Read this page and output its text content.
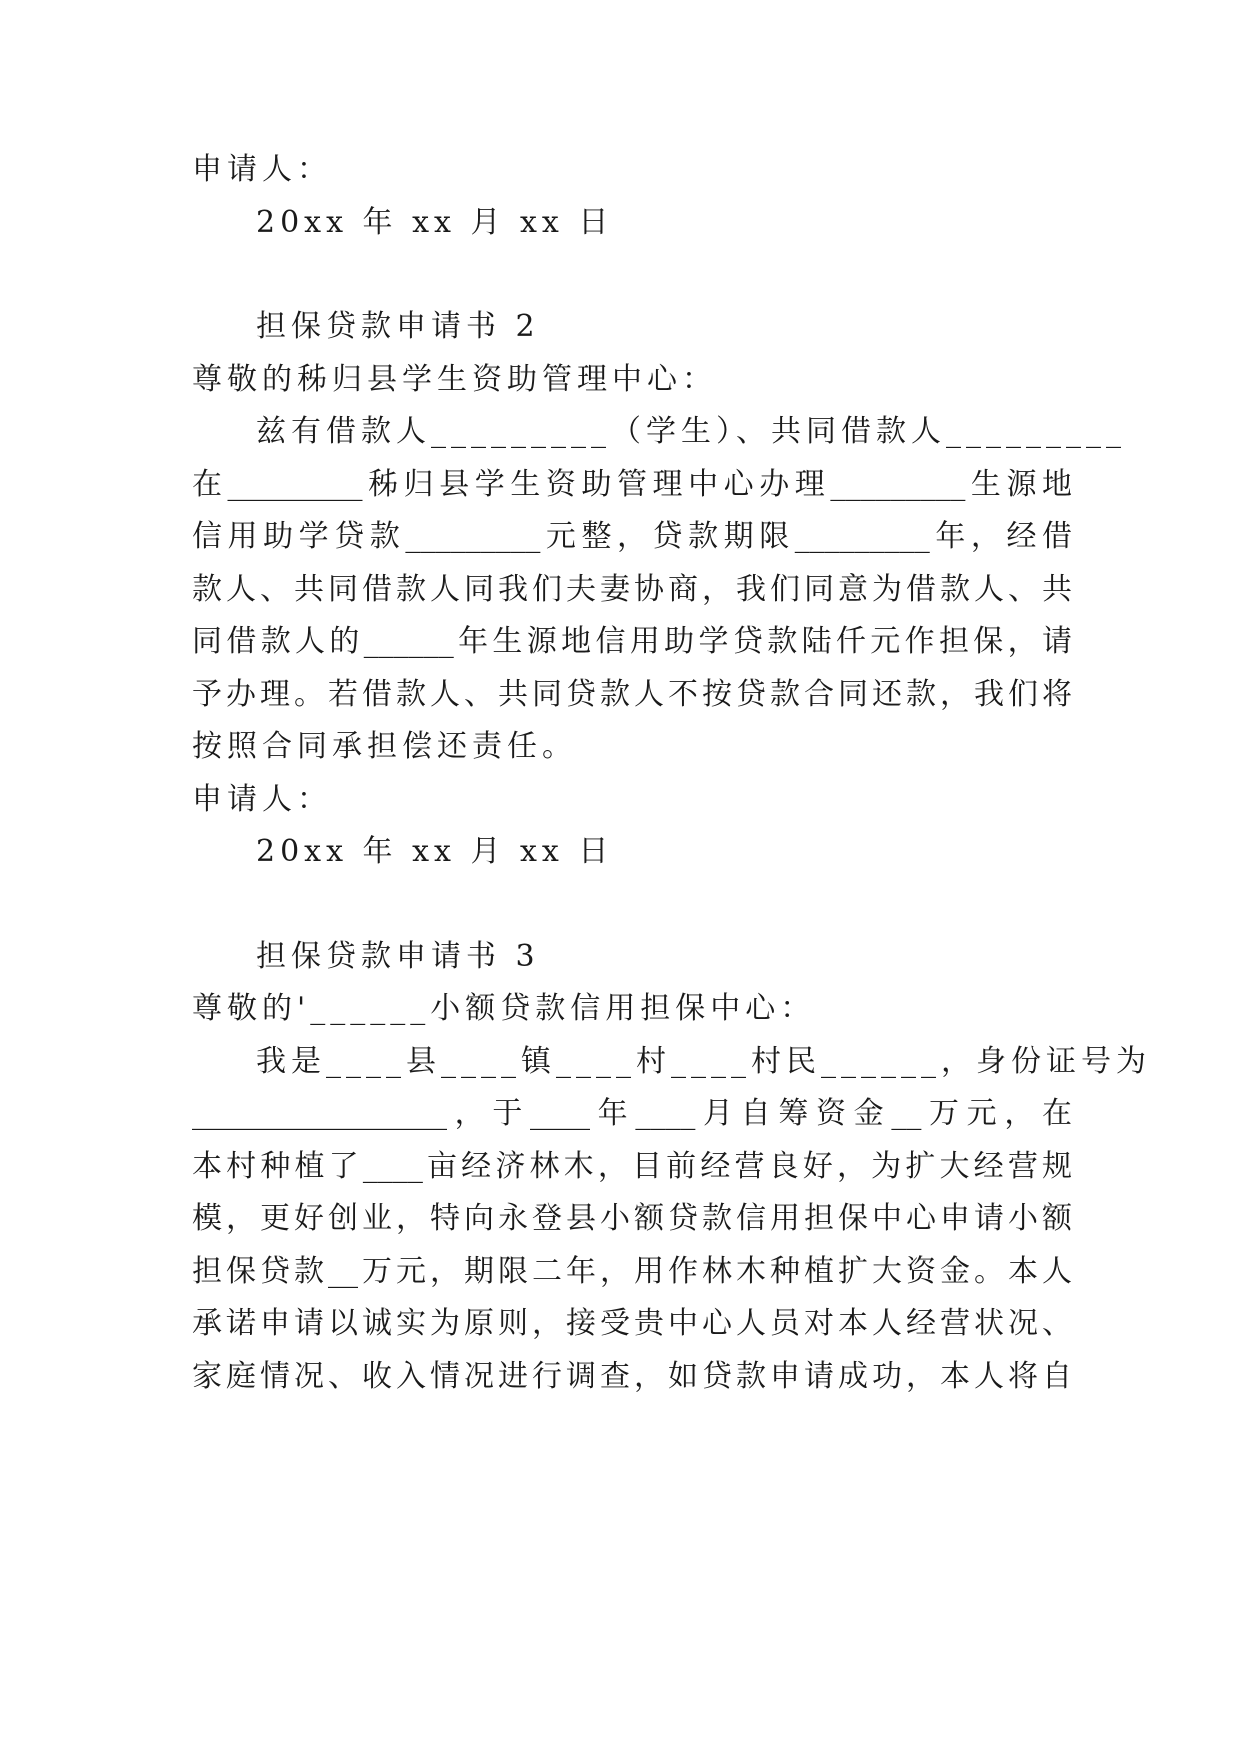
申请人：

20xx 年 xx 月 xx 日

担保贷款申请书 2

尊敬的秭归县学生资助管理中心：

兹有借款人_________（学生）、共同借款人_________

在_________秭归县学生资助管理中心办理_________生源地

信用助学贷款_________元整，贷款期限_________年，经借

款人、共同借款人同我们夫妻协商，我们同意为借款人、共

同借款人的______年生源地信用助学贷款陆仟元作担保，请

予办理。若借款人、共同贷款人不按贷款合同还款，我们将

按照合同承担偿还责任。

申请人：

20xx 年 xx 月 xx 日

担保贷款申请书 3

尊敬的'______小额贷款信用担保中心：

我是____县____镇____村____村民______，身份证号为

_________________，于____年____月自筹资金__万元，在

本村种植了____亩经济林木，目前经营良好，为扩大经营规

模，更好创业，特向永登县小额贷款信用担保中心申请小额

担保贷款__万元，期限二年，用作林木种植扩大资金。本人

承诺申请以诚实为原则，接受贵中心人员对本人经营状况、

家庭情况、收入情况进行调查，如贷款申请成功，本人将自
